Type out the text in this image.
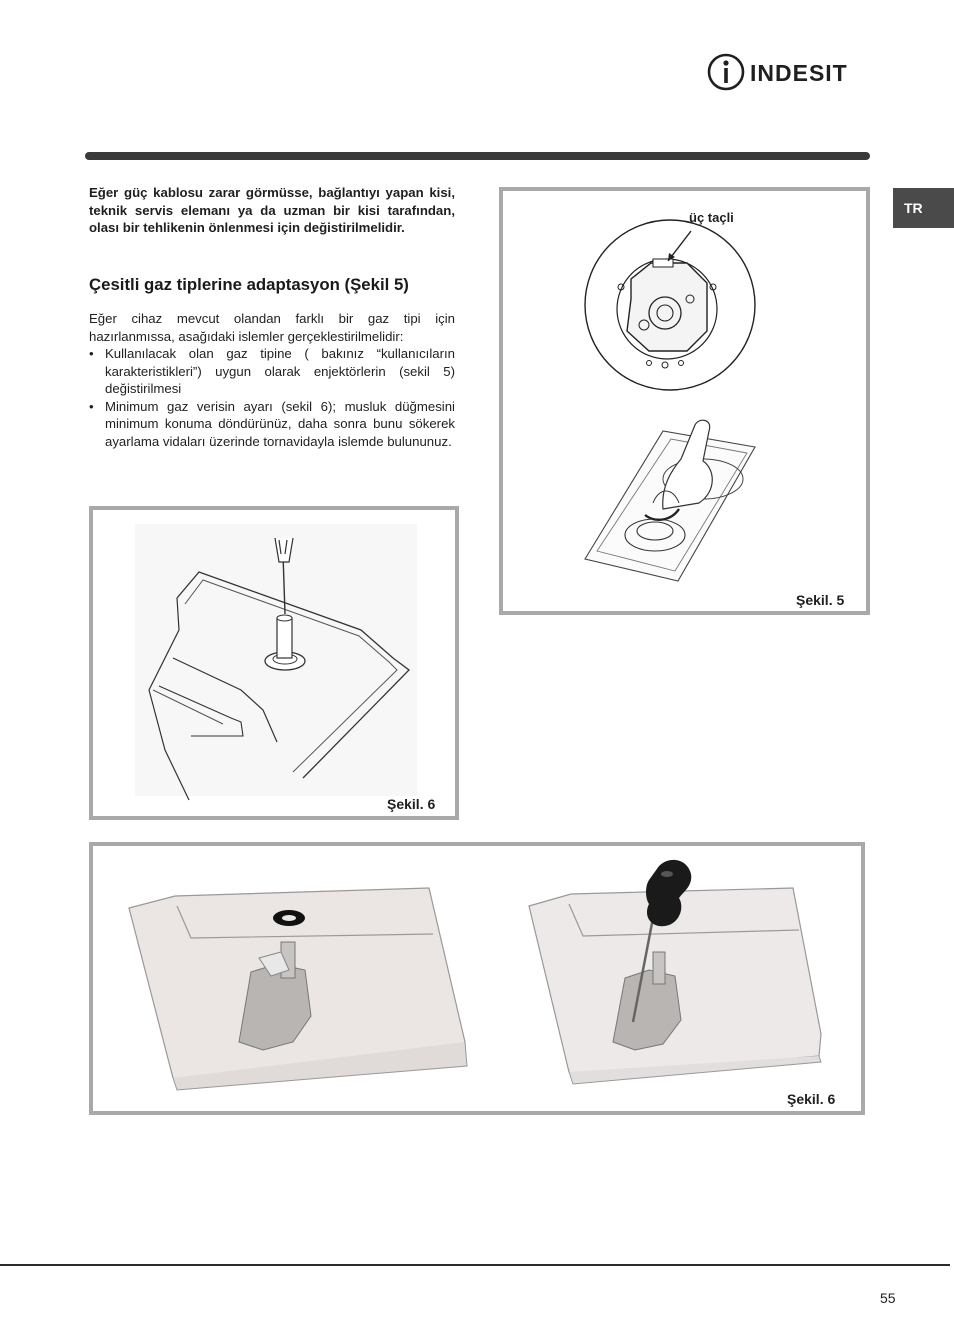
INDESIT
TR

Eğer güç kablosu zarar görmüsse, bağlantıyı yapan kisi, teknik servis elemanı ya da uzman bir kisi tarafından, olası bir tehlikenin önlenmesi için değistirilmelidir.

Çesitli gaz tiplerine adaptasyon (Şekil 5)

Eğer cihaz mevcut olandan farklı bir gaz tipi için hazırlanmıssa, asağıdaki islemler gerçeklestirilmelidir:

• Kullanılacak olan gaz tipine ( bakınız “kullanıcıların karakteristikleri”) uygun olarak enjektörlerin (sekil 5) değistirilmesi
• Minimum gaz verisin ayarı (sekil 6); musluk düğmesini minimum konuma döndürünüz, daha sonra bunu sökerek ayarlama vidaları üzerinde tornavidayla islemde bulununuz.
üç taçli
Şekil. 5
Şekil. 6
Şekil. 6
55
